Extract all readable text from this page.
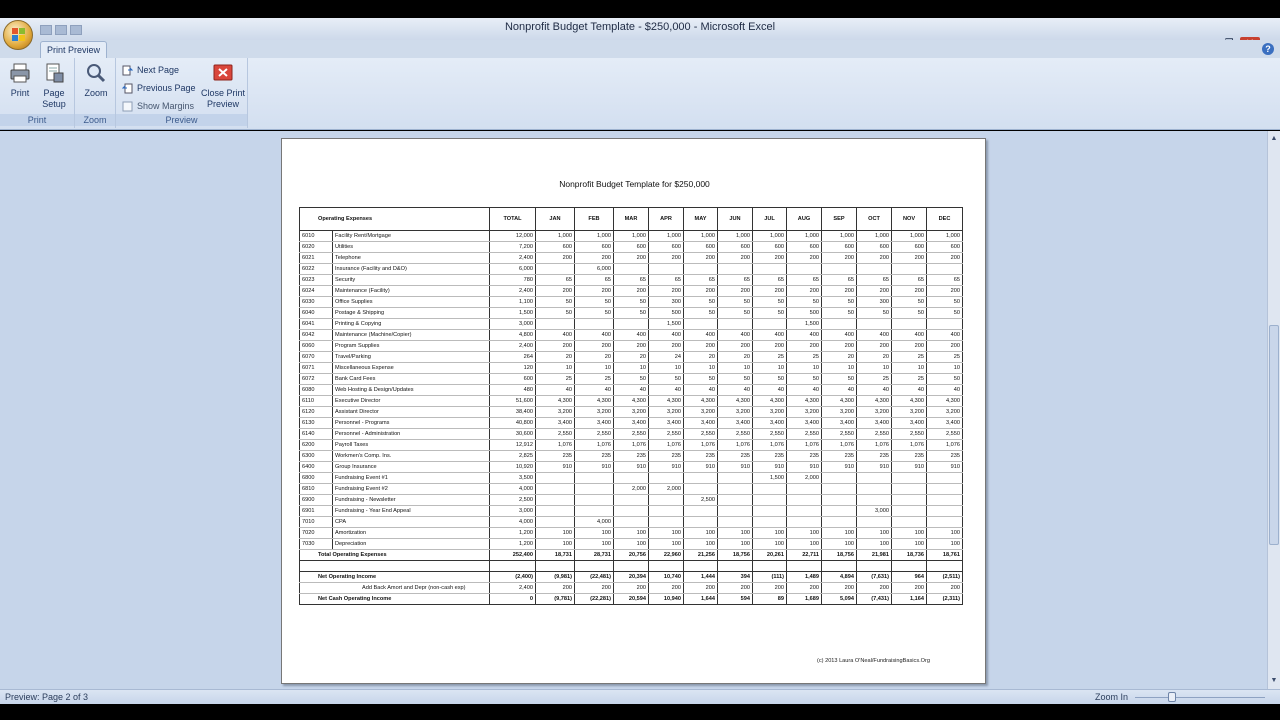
Nonprofit Budget Template - $250,000 - Microsoft Excel
Print Preview	?
Print	Page
Setup
Print
Zoom
Zoom
Next Page
Previous Page
Show Margins
Close Print
Preview
Preview
▲
▼
Nonprofit Budget Template for $250,000
Operating Expenses		TOTAL	JAN	FEB	MAR	APR	MAY	JUN	JUL	AUG	SEP	OCT	NOV	DEC
6010	Facility Rent/Mortgage	12,000	1,000	1,000	1,000	1,000	1,000	1,000	1,000	1,000	1,000	1,000	1,000	1,000
6020	Utilities	7,200	600	600	600	600	600	600	600	600	600	600	600	600
6021	Telephone	2,400	200	200	200	200	200	200	200	200	200	200	200	200
6022	Insurance (Facility and D&O)	6,000		6,000										
6023	Security	780	65	65	65	65	65	65	65	65	65	65	65	65
6024	Maintenance (Facility)	2,400	200	200	200	200	200	200	200	200	200	200	200	200
6030	Office Supplies	1,100	50	50	50	300	50	50	50	50	50	300	50	50
6040	Postage & Shipping	1,500	50	50	50	500	50	50	50	500	50	50	50	50
6041	Printing & Copying	3,000				1,500				1,500				
6042	Maintenance (Machine/Copier)	4,800	400	400	400	400	400	400	400	400	400	400	400	400
6060	Program Supplies	2,400	200	200	200	200	200	200	200	200	200	200	200	200
6070	Travel/Parking	264	20	20	20	24	20	20	25	25	20	20	25	25
6071	Miscellaneous Expense	120	10	10	10	10	10	10	10	10	10	10	10	10
6072	Bank Card Fees	600	25	25	50	50	50	50	50	50	50	25	25	50
6080	Web Hosting & Design/Updates	480	40	40	40	40	40	40	40	40	40	40	40	40
6110	Executive Director	51,600	4,300	4,300	4,300	4,300	4,300	4,300	4,300	4,300	4,300	4,300	4,300	4,300
6120	Assistant Director	38,400	3,200	3,200	3,200	3,200	3,200	3,200	3,200	3,200	3,200	3,200	3,200	3,200
6130	Personnel - Programs	40,800	3,400	3,400	3,400	3,400	3,400	3,400	3,400	3,400	3,400	3,400	3,400	3,400
6140	Personnel - Administration	30,600	2,550	2,550	2,550	2,550	2,550	2,550	2,550	2,550	2,550	2,550	2,550	2,550
6200	Payroll Taxes	12,912	1,076	1,076	1,076	1,076	1,076	1,076	1,076	1,076	1,076	1,076	1,076	1,076
6300	Workmen's Comp. Ins.	2,825	235	235	235	235	235	235	235	235	235	235	235	235
6400	Group Insurance	10,920	910	910	910	910	910	910	910	910	910	910	910	910
6800	Fundraising Event #1	3,500							1,500	2,000				
6810	Fundraising Event #2	4,000			2,000	2,000								
6900	Fundraising - Newsletter	2,500					2,500							
6901	Fundraising - Year End Appeal	3,000										3,000		
7010	CPA	4,000		4,000										
7020	Amortization	1,200	100	100	100	100	100	100	100	100	100	100	100	100
7030	Depreciation	1,200	100	100	100	100	100	100	100	100	100	100	100	100
Total Operating Expenses		252,400	18,731	28,731	20,756	22,960	21,256	18,756	20,261	22,711	18,756	21,981	18,736	18,761

Net Operating Income		(2,400)	(9,981)	(22,481)	20,394	10,740	1,444	394	(111)	1,489	4,894	(7,631)	964	(2,511)
Add Back Amort and Depr (non-cash exp)		2,400	200	200	200	200	200	200	200	200	200	200	200	200
Net Cash Operating Income		0	(9,781)	(22,281)	20,594	10,940	1,644	594	89	1,689	5,094	(7,431)	1,164	(2,311)
(c) 2013 Laura O'Neal/FundraisingBasics.Org
Preview: Page 2 of 3	Zoom In
